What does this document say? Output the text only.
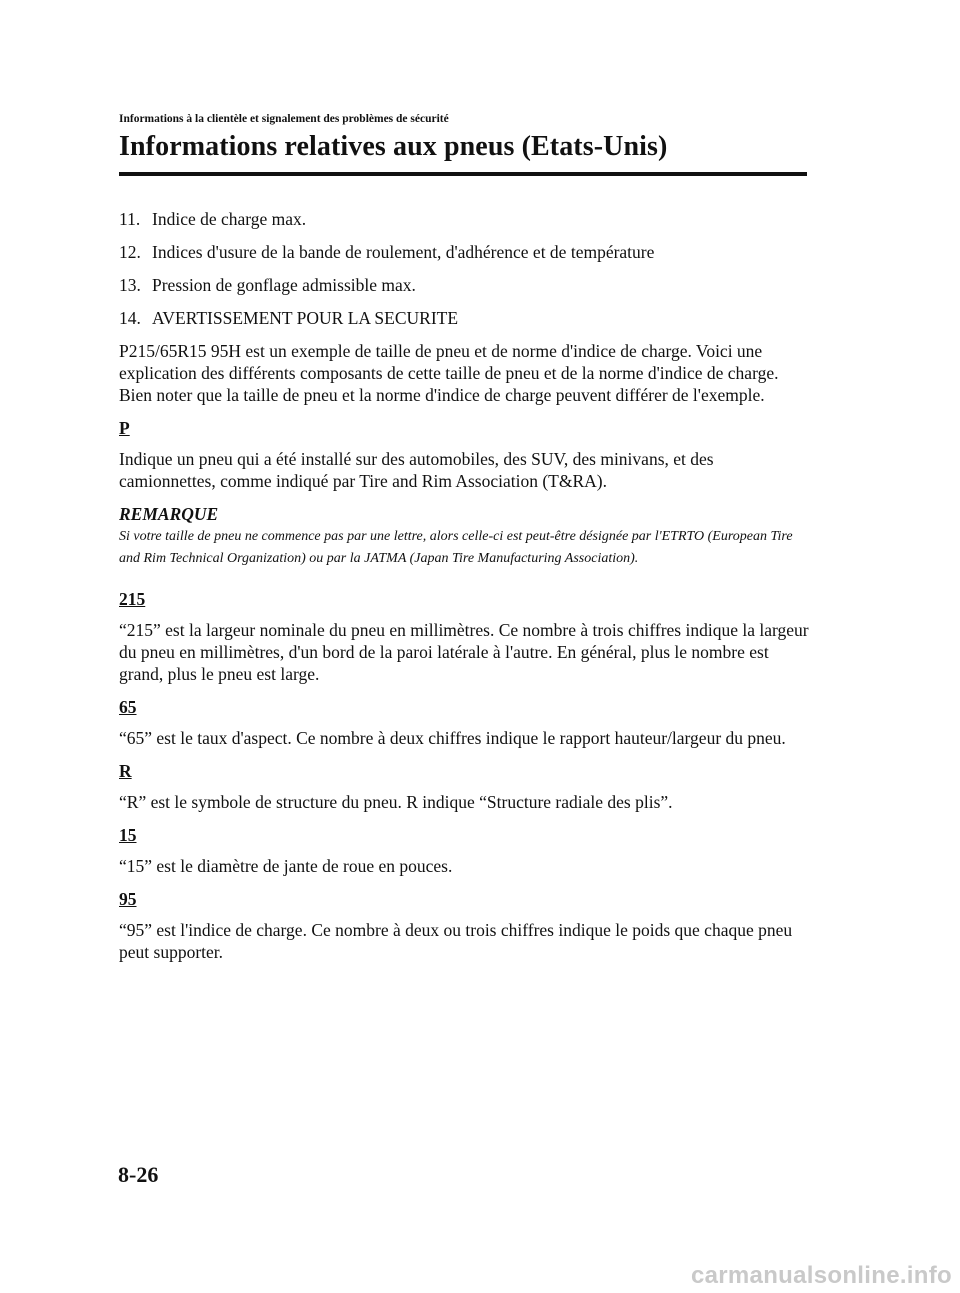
Informations à la clientèle et signalement des problèmes de sécurité
Informations relatives aux pneus (Etats-Unis)
11. Indice de charge max.
12. Indices d'usure de la bande de roulement, d'adhérence et de température
13. Pression de gonflage admissible max.
14. AVERTISSEMENT POUR LA SECURITE

P215/65R15 95H est un exemple de taille de pneu et de norme d'indice de charge. Voici une explication des différents composants de cette taille de pneu et de la norme d'indice de charge. Bien noter que la taille de pneu et la norme d'indice de charge peuvent différer de l'exemple.

P

Indique un pneu qui a été installé sur des automobiles, des SUV, des minivans, et des camionnettes, comme indiqué par Tire and Rim Association (T&RA).

REMARQUE
Si votre taille de pneu ne commence pas par une lettre, alors celle-ci est peut-être désignée par l'ETRTO (European Tire and Rim Technical Organization) ou par la JATMA (Japan Tire Manufacturing Association).
215

“215” est la largeur nominale du pneu en millimètres. Ce nombre à trois chiffres indique la largeur du pneu en millimètres, d'un bord de la paroi latérale à l'autre. En général, plus le nombre est grand, plus le pneu est large.

65

“65” est le taux d'aspect. Ce nombre à deux chiffres indique le rapport hauteur/largeur du pneu.

R

“R” est le symbole de structure du pneu. R indique “Structure radiale des plis”.

15

“15” est le diamètre de jante de roue en pouces.

95

“95” est l'indice de charge. Ce nombre à deux ou trois chiffres indique le poids que chaque pneu peut supporter.

8-26
carmanualsonline.info
